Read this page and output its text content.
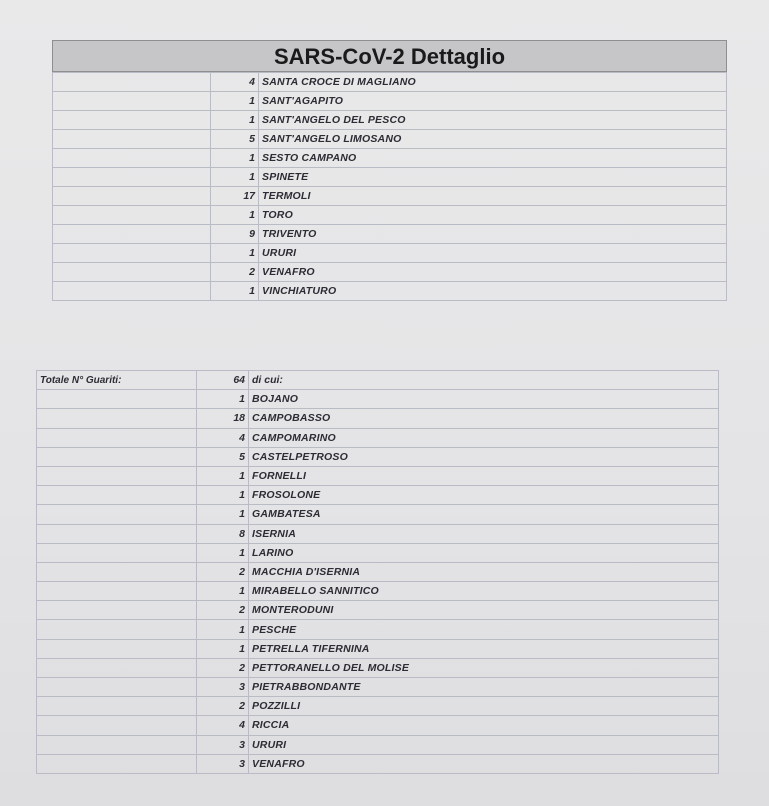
SARS-CoV-2 Dettaglio
	4	SANTA CROCE DI MAGLIANO
	1	SANT'AGAPITO
	1	SANT'ANGELO DEL PESCO
	5	SANT'ANGELO LIMOSANO
	1	SESTO CAMPANO
	1	SPINETE
	17	TERMOLI
	1	TORO
	9	TRIVENTO
	1	URURI
	2	VENAFRO
	1	VINCHIATURO
Totale N° Guariti:	64	di cui:
	1	BOJANO
	18	CAMPOBASSO
	4	CAMPOMARINO
	5	CASTELPETROSO
	1	FORNELLI
	1	FROSOLONE
	1	GAMBATESA
	8	ISERNIA
	1	LARINO
	2	MACCHIA D'ISERNIA
	1	MIRABELLO SANNITICO
	2	MONTERODUNI
	1	PESCHE
	1	PETRELLA TIFERNINA
	2	PETTORANELLO DEL MOLISE
	3	PIETRABBONDANTE
	2	POZZILLI
	4	RICCIA
	3	URURI
	3	VENAFRO
